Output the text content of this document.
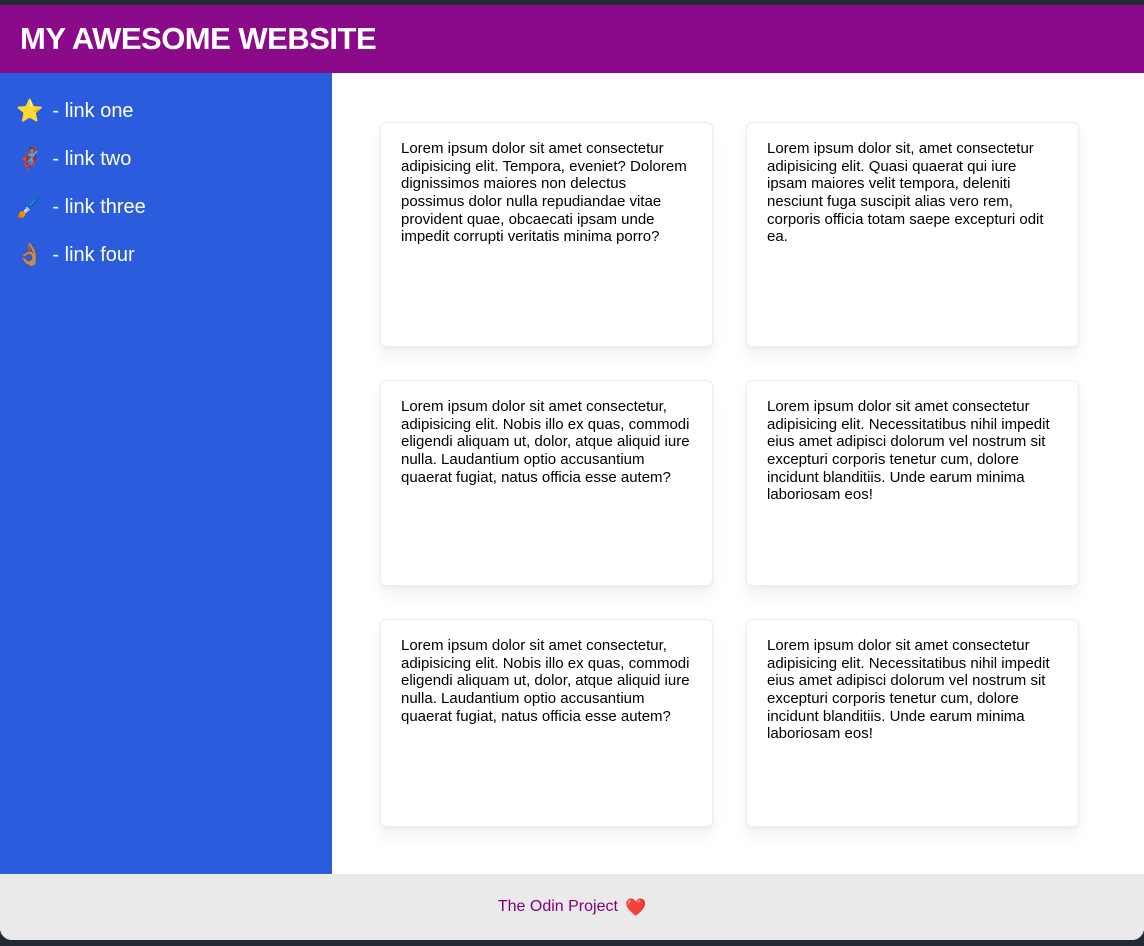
MY AWESOME WEBSITE
⭐ - link one
🦸🏽 - link two
🖌️ - link three
👌🏽 - link four

Lorem ipsum dolor sit amet consectetur adipisicing elit. Tempora, eveniet? Dolorem dignissimos maiores non delectus possimus dolor nulla repudiandae vitae provident quae, obcaecati ipsam unde impedit corrupti veritatis minima porro?

Lorem ipsum dolor sit, amet consectetur adipisicing elit. Quasi quaerat qui iure ipsam maiores velit tempora, deleniti nesciunt fuga suscipit alias vero rem, corporis officia totam saepe excepturi odit ea.

Lorem ipsum dolor sit amet consectetur, adipisicing elit. Nobis illo ex quas, commodi eligendi aliquam ut, dolor, atque aliquid iure nulla. Laudantium optio accusantium quaerat fugiat, natus officia esse autem?

Lorem ipsum dolor sit amet consectetur adipisicing elit. Necessitatibus nihil impedit eius amet adipisci dolorum vel nostrum sit excepturi corporis tenetur cum, dolore incidunt blanditiis. Unde earum minima laboriosam eos!

Lorem ipsum dolor sit amet consectetur, adipisicing elit. Nobis illo ex quas, commodi eligendi aliquam ut, dolor, atque aliquid iure nulla. Laudantium optio accusantium quaerat fugiat, natus officia esse autem?

Lorem ipsum dolor sit amet consectetur adipisicing elit. Necessitatibus nihil impedit eius amet adipisci dolorum vel nostrum sit excepturi corporis tenetur cum, dolore incidunt blanditiis. Unde earum minima laboriosam eos!

The Odin Project ❤️
